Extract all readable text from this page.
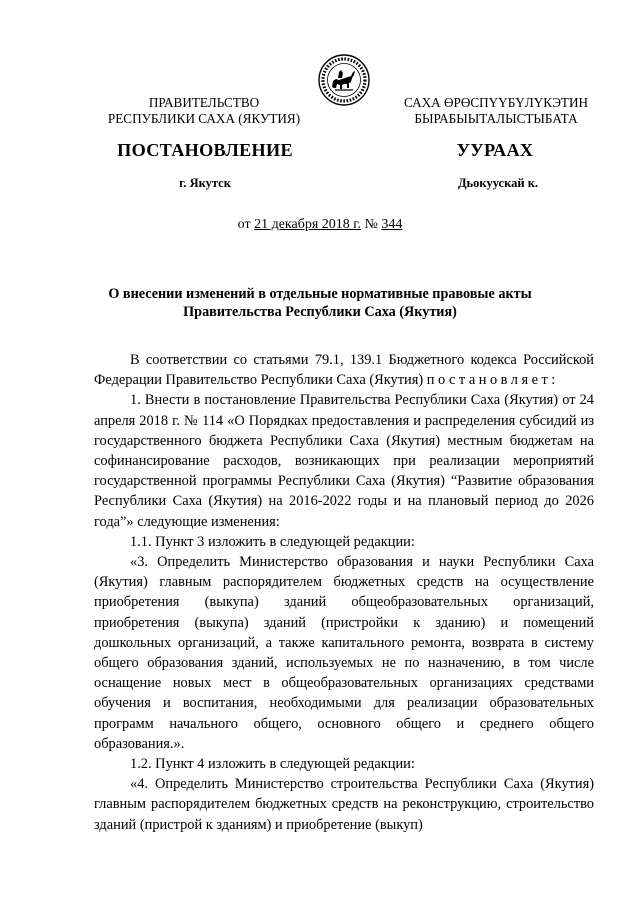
ПРАВИТЕЛЬСТВО
РЕСПУБЛИКИ САХА (ЯКУТИЯ)
САХА ӨРӨСПҮҮБҮЛҮКЭТИН
БЫРАБЫЫТАЛЫСТЫБАТА
ПОСТАНОВЛЕНИЕ	УУРААХ
г. Якутск	Дьокуускай к.
от 21 декабря 2018 г. № 344
О внесении изменений в отдельные нормативные правовые акты
Правительства Республики Саха (Якутия)

В соответствии со статьями 79.1, 139.1 Бюджетного кодекса Российской Федерации Правительство Республики Саха (Якутия) постановляет:

1. Внести в постановление Правительства Республики Саха (Якутия) от 24 апреля 2018 г. № 114 «О Порядках предоставления и распределения субсидий из государственного бюджета Республики Саха (Якутия) местным бюджетам на софинансирование расходов, возникающих при реализации мероприятий государственной программы Республики Саха (Якутия) “Развитие образования Республики Саха (Якутия) на 2016-2022 годы и на плановый период до 2026 года”» следующие изменения:

1.1. Пункт 3 изложить в следующей редакции:

«3. Определить Министерство образования и науки Республики Саха (Якутия) главным распорядителем бюджетных средств на осуществление приобретения (выкупа) зданий общеобразовательных организаций, приобретения (выкупа) зданий (пристройки к зданию) и помещений дошкольных организаций, а также капитального ремонта, возврата в систему общего образования зданий, используемых не по назначению, в том числе оснащение новых мест в общеобразовательных организациях средствами обучения и воспитания, необходимыми для реализации образовательных программ начального общего, основного общего и среднего общего образования.».

1.2. Пункт 4 изложить в следующей редакции:

«4. Определить Министерство строительства Республики Саха (Якутия) главным распорядителем бюджетных средств на реконструкцию, строительство зданий (пристрой к зданиям) и приобретение (выкуп)
